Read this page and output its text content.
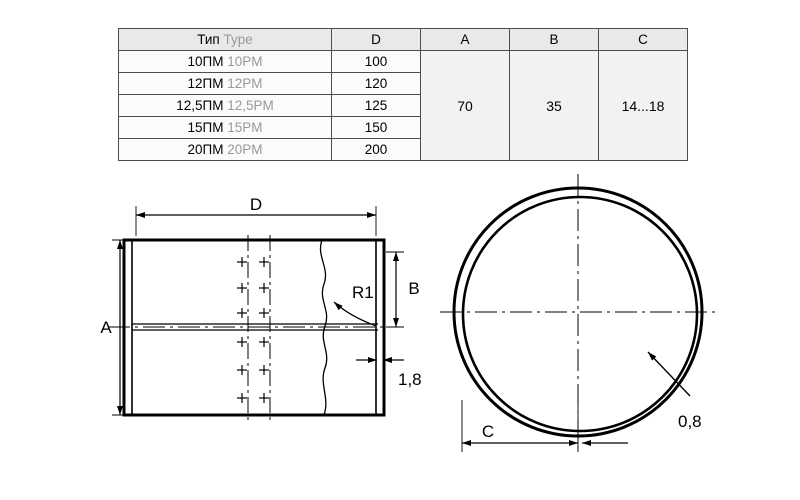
Тип Type	D	A	B	C
10ПМ 10PM	100	70	35	14...18
12ПМ 12PM	120			
12,5ПМ 12,5PM	125			
15ПМ 15PM	150			
20ПМ 20PM	200			
D
A
B
R1
1,8
C
0,8
